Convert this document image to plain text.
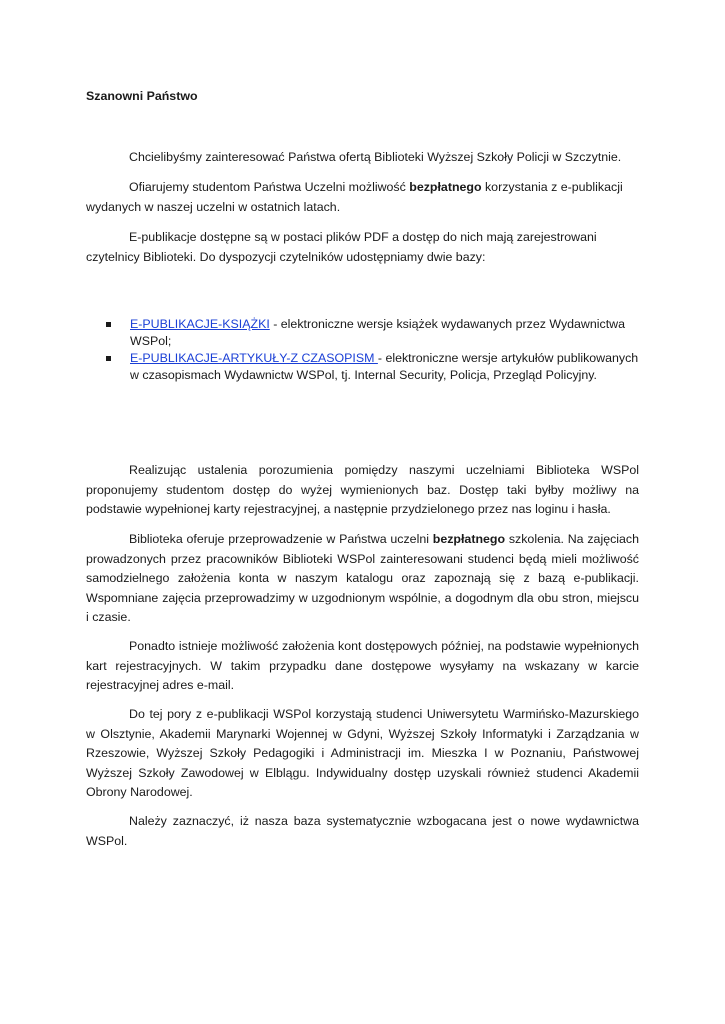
Szanowni Państwo

Chcielibyśmy zainteresować Państwa ofertą Biblioteki Wyższej Szkoły Policji w Szczytnie.

Ofiarujemy studentom Państwa Uczelni możliwość bezpłatnego korzystania z e-publikacji wydanych w naszej uczelni w ostatnich latach.

E-publikacje dostępne są w postaci plików PDF a dostęp do nich mają zarejestrowani czytelnicy Biblioteki. Do dyspozycji czytelników udostępniamy dwie bazy:

E-PUBLIKACJE-KSIĄŻKI - elektroniczne wersje książek wydawanych przez Wydawnictwa WSPol;
E-PUBLIKACJE-ARTYKUŁY-Z CZASOPISM - elektroniczne wersje artykułów publikowanych w czasopismach Wydawnictw WSPol, tj. Internal Security, Policja, Przegląd Policyjny.

Realizując ustalenia porozumienia pomiędzy naszymi uczelniami Biblioteka WSPol proponujemy studentom dostęp do wyżej wymienionych baz. Dostęp taki byłby możliwy na podstawie wypełnionej karty rejestracyjnej, a następnie przydzielonego przez nas loginu i hasła.

Biblioteka oferuje przeprowadzenie w Państwa uczelni bezpłatnego szkolenia. Na zajęciach prowadzonych przez pracowników Biblioteki WSPol zainteresowani studenci będą mieli możliwość samodzielnego założenia konta w naszym katalogu oraz zapoznają się z bazą e-publikacji. Wspomniane zajęcia przeprowadzimy w uzgodnionym wspólnie, a dogodnym dla obu stron, miejscu i czasie.

Ponadto istnieje możliwość założenia kont dostępowych później, na podstawie wypełnionych kart rejestracyjnych. W takim przypadku dane dostępowe wysyłamy na wskazany w karcie rejestracyjnej adres e-mail.

Do tej pory z e-publikacji WSPol korzystają studenci Uniwersytetu Warmińsko-Mazurskiego w Olsztynie, Akademii Marynarki Wojennej w Gdyni, Wyższej Szkoły Informatyki i Zarządzania w Rzeszowie, Wyższej Szkoły Pedagogiki i Administracji im. Mieszka I w Poznaniu, Państwowej Wyższej Szkoły Zawodowej w Elblągu. Indywidualny dostęp uzyskali również studenci Akademii Obrony Narodowej.

Należy zaznaczyć, iż nasza baza systematycznie wzbogacana jest o nowe wydawnictwa WSPol.
